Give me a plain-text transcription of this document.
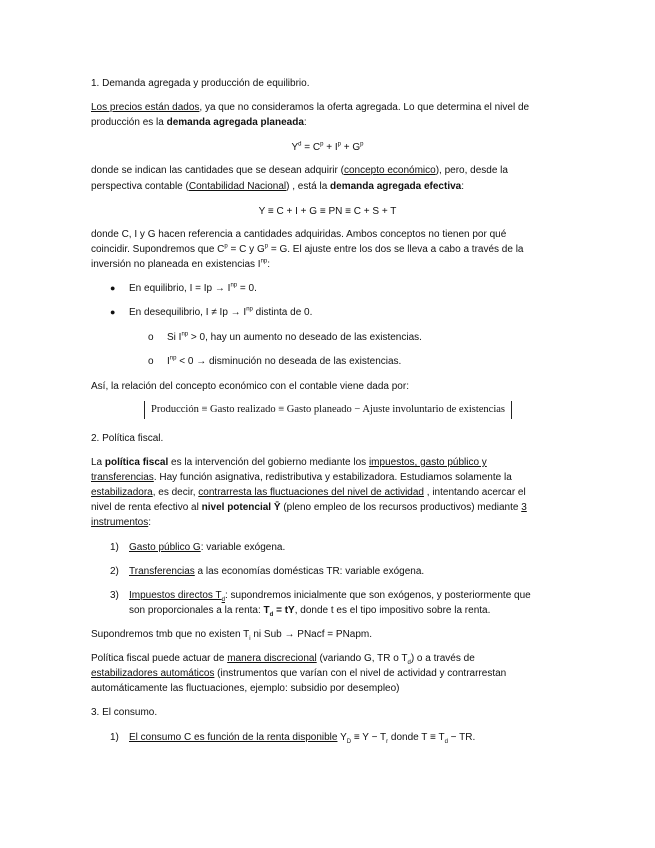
1. Demanda agregada y producción de equilibrio.
Los precios están dados, ya que no consideramos la oferta agregada. Lo que determina el nivel de
producción es la demanda agregada planeada:
$Y^d = C^p + I^p + G^p$
donde se indican las cantidades que se desean adquirir (concepto económico), pero, desde la
perspectiva contable (Contabilidad Nacional) , está la demanda agregada efectiva:
Y ≡ C + I + G ≡ PN ≡ C + S + T
donde C, I y G hacen referencia a cantidades adquiridas. Ambos conceptos no tienen por qué
coincidir. Supondremos que $C^p = C$ y $G^p = G$. El ajuste entre los dos se lleva a cabo a través de la
inversión no planeada en existencias $I^{np}$:
● En equilibrio, $I = Ip \to I^{np} = 0$.
● En desequilibrio, $I \ne Ip \to I^{np}$ distinta de 0.
o Si $I^{np} > 0$, hay un aumento no deseado de las existencias.
o $I^{np} < 0$ → disminución no deseada de las existencias.
Así, la relación del concepto económico con el contable viene dada por:
Producción ≡ Gasto realizado ≡ Gasto planeado − Ajuste involuntario de existencias
2. Política fiscal.
La política fiscal es la intervención del gobierno mediante los impuestos, gasto público y
transferencias. Hay función asignativa, redistributiva y estabilizadora. Estudiamos solamente la
estabilizadora, es decir, contrarresta las fluctuaciones del nivel de actividad , intentando acercar el
nivel de renta efectivo al nivel potencial Ȳ (pleno empleo de los recursos productivos) mediante 3
instrumentos:
1) Gasto público G: variable exógena.
2) Transferencias a las economías domésticas TR: variable exógena.
3) Impuestos directos $T_d$: supondremos inicialmente que son exógenos, y posteriormente que
son proporcionales a la renta: $T_d$ = tY, donde t es el tipo impositivo sobre la renta.
Supondremos tmb que no existen $T_i$ ni Sub → PNacf = PNapm.
Política fiscal puede actuar de manera discrecional (variando G, TR o $T_d$) o a través de
estabilizadores automáticos (instrumentos que varían con el nivel de actividad y contrarrestan
automáticamente las fluctuaciones, ejemplo: subsidio por desempleo)
3. El consumo.
1) El consumo C es función de la renta disponible $Y_D \equiv Y - T_r$ donde $T \equiv T_d$ − TR.
